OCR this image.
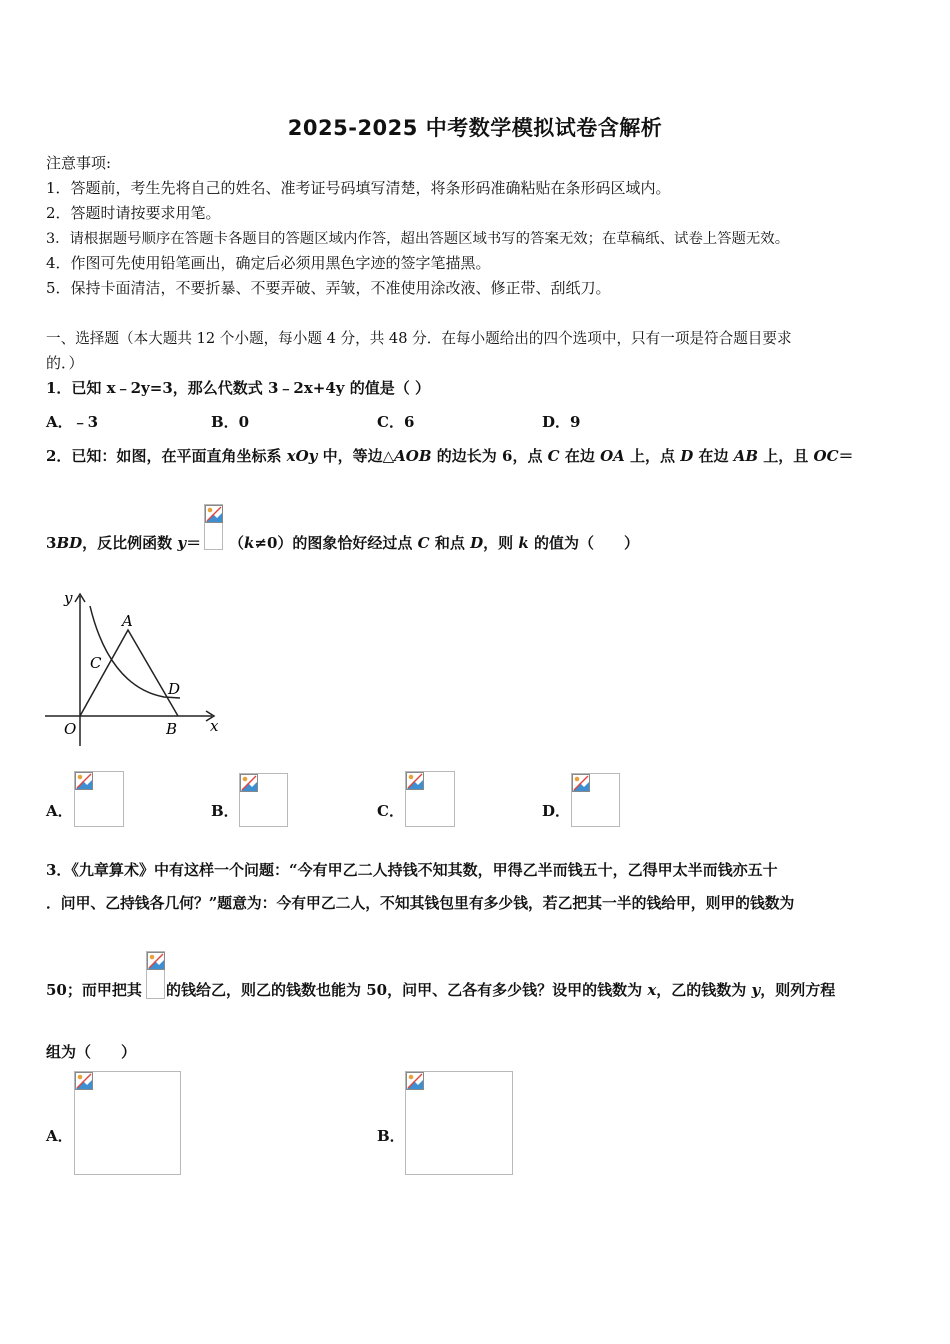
2025-2025 中考数学模拟试卷含解析
注意事项:
1．答题前，考生先将自己的姓名、准考证号码填写清楚，将条形码准确粘贴在条形码区域内。
2．答题时请按要求用笔。
3．请根据题号顺序在答题卡各题目的答题区域内作答，超出答题区域书写的答案无效；在草稿纸、试卷上答题无效。
4．作图可先使用铅笔画出，确定后必须用黑色字迹的签字笔描黑。
5．保持卡面清洁，不要折暴、不要弄破、弄皱，不准使用涂改液、修正带、刮纸刀。
一、选择题（本大题共 12 个小题，每小题 4 分，共 48 分．在每小题给出的四个选项中，只有一项是符合题目要求
的．）
1．已知 x﹣2y=3，那么代数式 3﹣2x+4y 的值是（ ）
A．﹣3	B．0	C．6	D．9
2．已知：如图，在平面直角坐标系 xOy 中，等边△AOB 的边长为 6，点 C 在边 OA 上，点 D 在边 AB 上，且 OC＝
3BD，反比例函数 y＝ （k≠0）的图象恰好经过点 C 和点 D，则 k 的值为（　　）
y
x
A
C
D
O	B
A．	B．	C．	D．
3．《九章算术》中有这样一个问题：“今有甲乙二人持钱不知其数，甲得乙半而钱五十，乙得甲太半而钱亦五十
．问甲、乙持钱各几何？”题意为：今有甲乙二人，不知其钱包里有多少钱，若乙把其一半的钱给甲，则甲的钱数为
50；而甲把其 的钱给乙，则乙的钱数也能为 50，问甲、乙各有多少钱？设甲的钱数为 x，乙的钱数为 y，则列方程
组为（　　）
A．	B．
